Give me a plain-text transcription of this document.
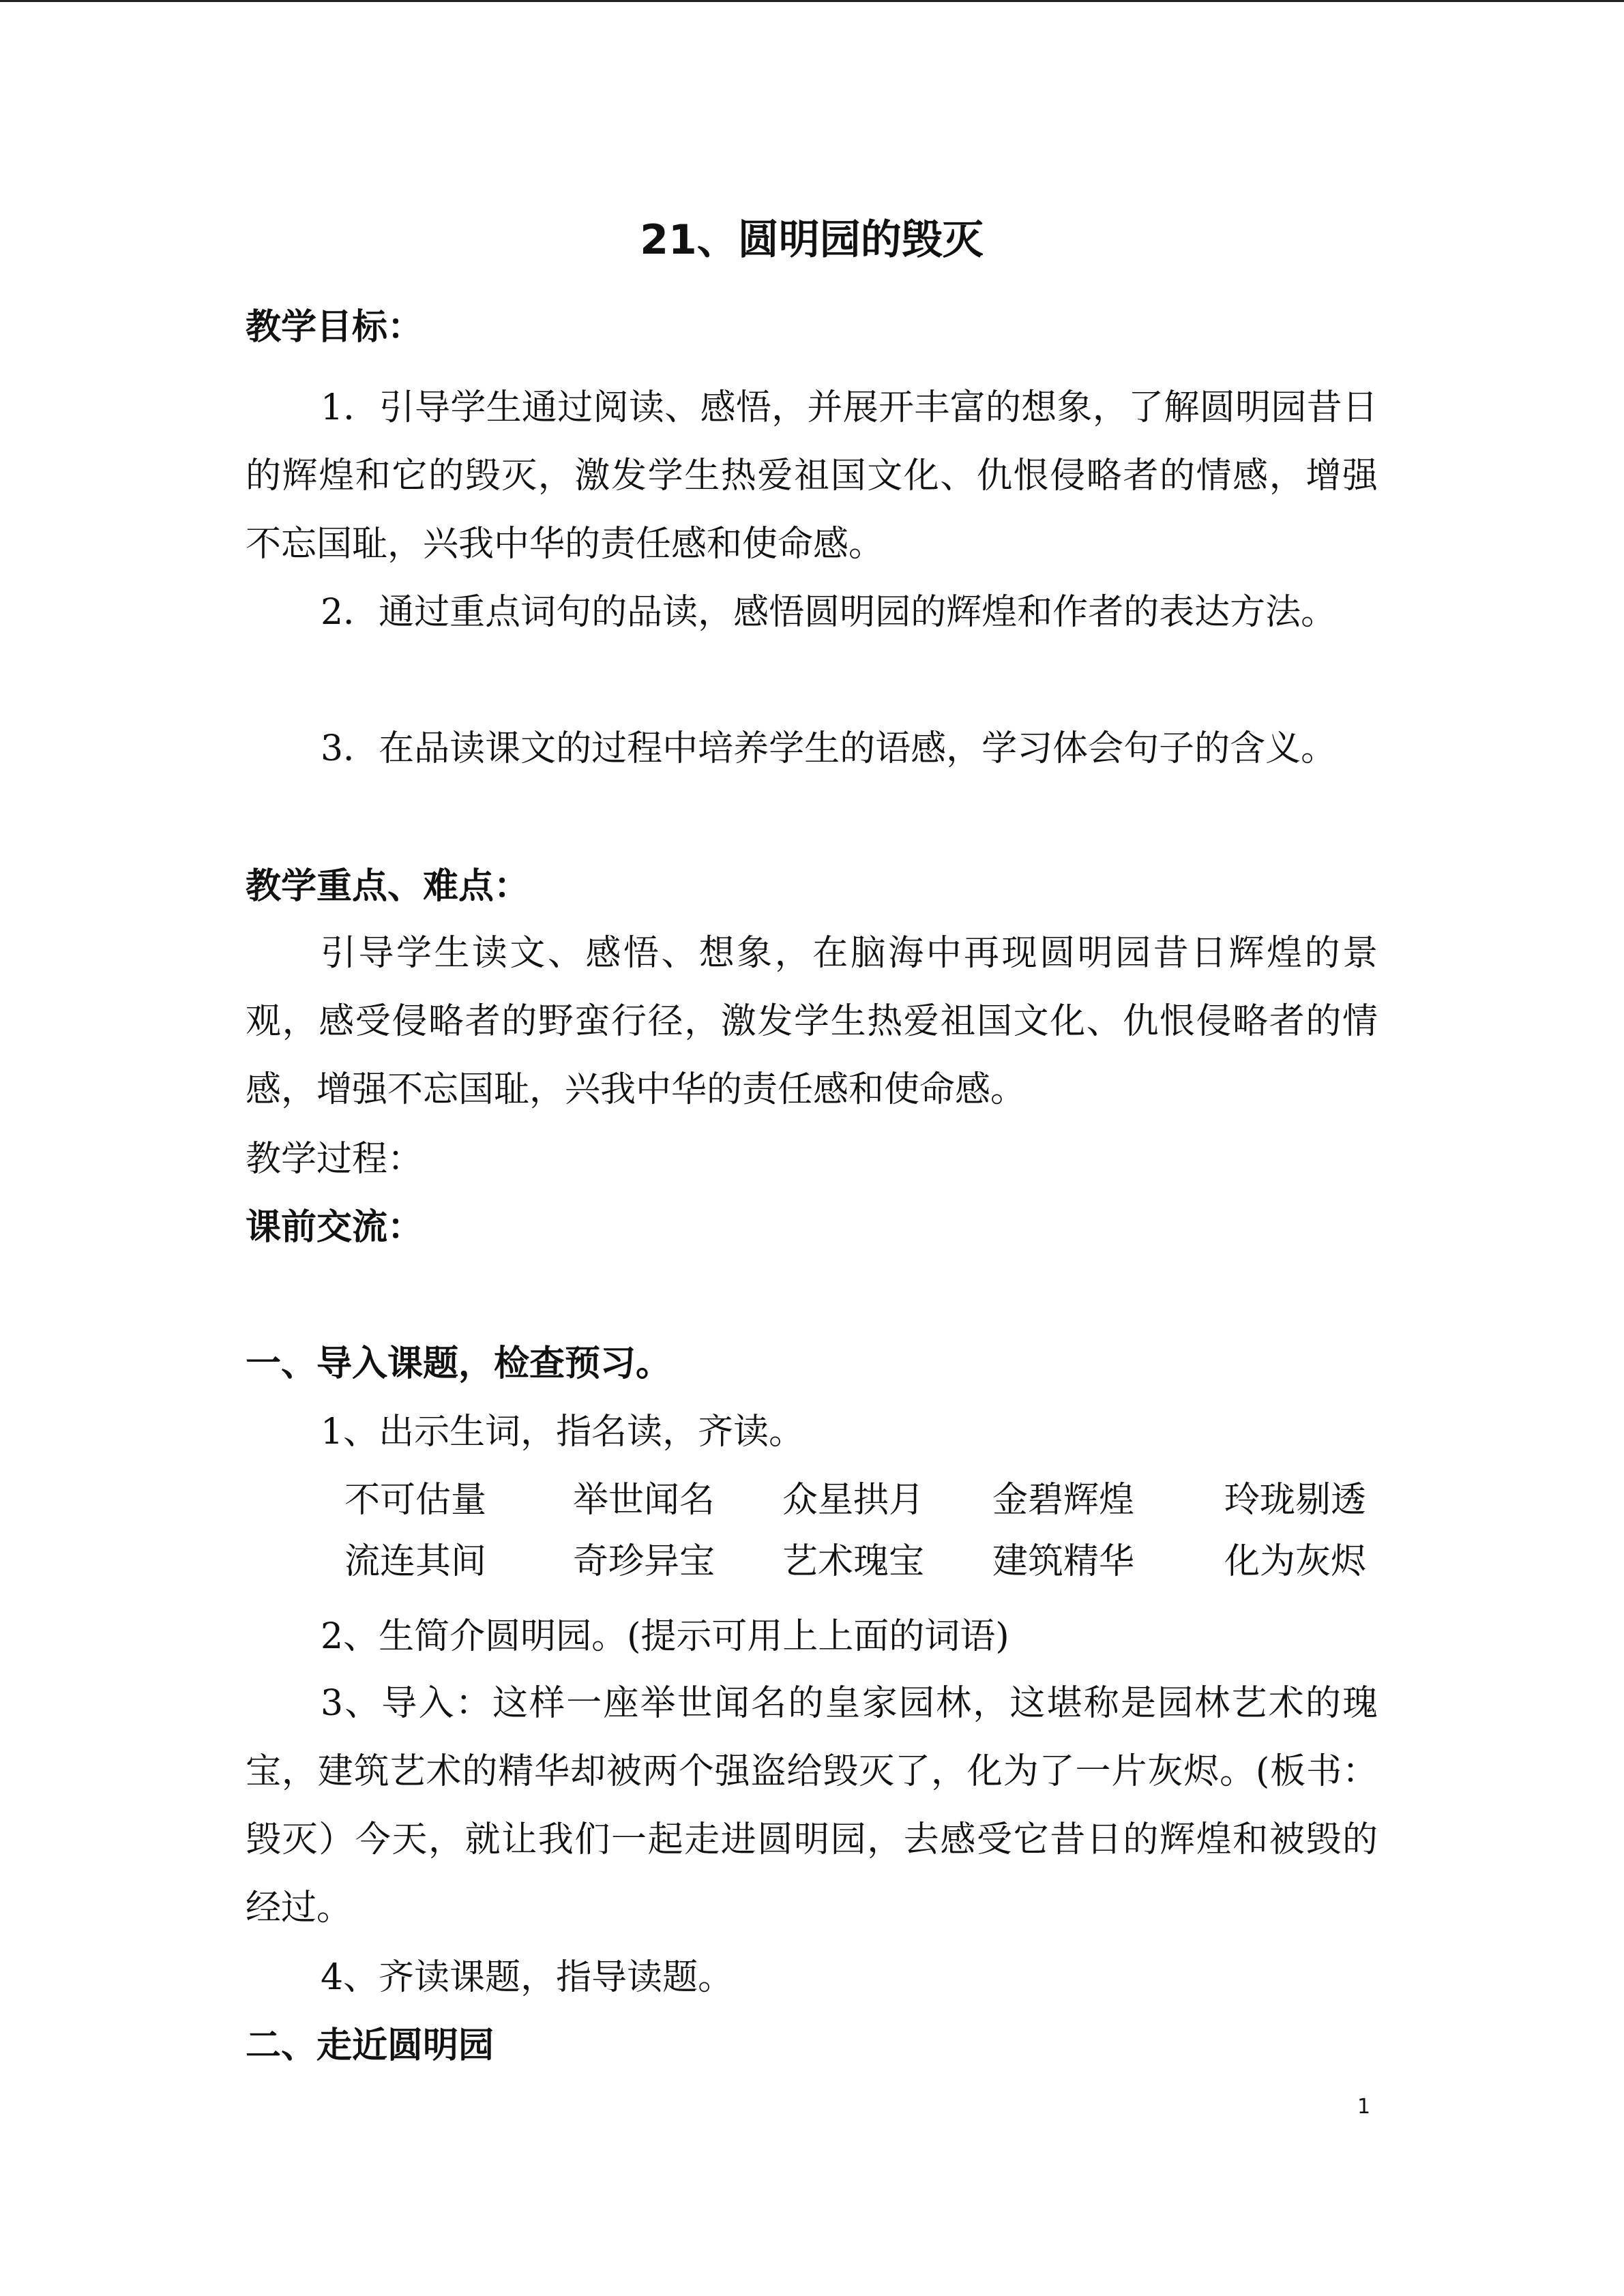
21、圆明园的毁灭
教学目标：
1．引导学生通过阅读、感悟，并展开丰富的想象，了解圆明园昔日的辉煌和它的毁灭，激发学生热爱祖国文化、仇恨侵略者的情感，增强不忘国耻，兴我中华的责任感和使命感。
2．通过重点词句的品读，感悟圆明园的辉煌和作者的表达方法。
3．在品读课文的过程中培养学生的语感，学习体会句子的含义。
教学重点、难点：
引导学生读文、感悟、想象，在脑海中再现圆明园昔日辉煌的景观，感受侵略者的野蛮行径，激发学生热爱祖国文化、仇恨侵略者的情感，增强不忘国耻，兴我中华的责任感和使命感。
教学过程：
课前交流：
一、导入课题，检查预习。
1、出示生词，指名读，齐读。
不可估量 举世闻名 众星拱月 金碧辉煌	玲珑剔透
流连其间 奇珍异宝 艺术瑰宝 建筑精华	化为灰烬
2、生简介圆明园。(提示可用上上面的词语)
3、导入：这样一座举世闻名的皇家园林，这堪称是园林艺术的瑰宝，建筑艺术的精华却被两个强盗给毁灭了，化为了一片灰烬。(板书：毁灭）今天，就让我们一起走进圆明园，去感受它昔日的辉煌和被毁的经过。
4、齐读课题，指导读题。
二、走近圆明园
1
